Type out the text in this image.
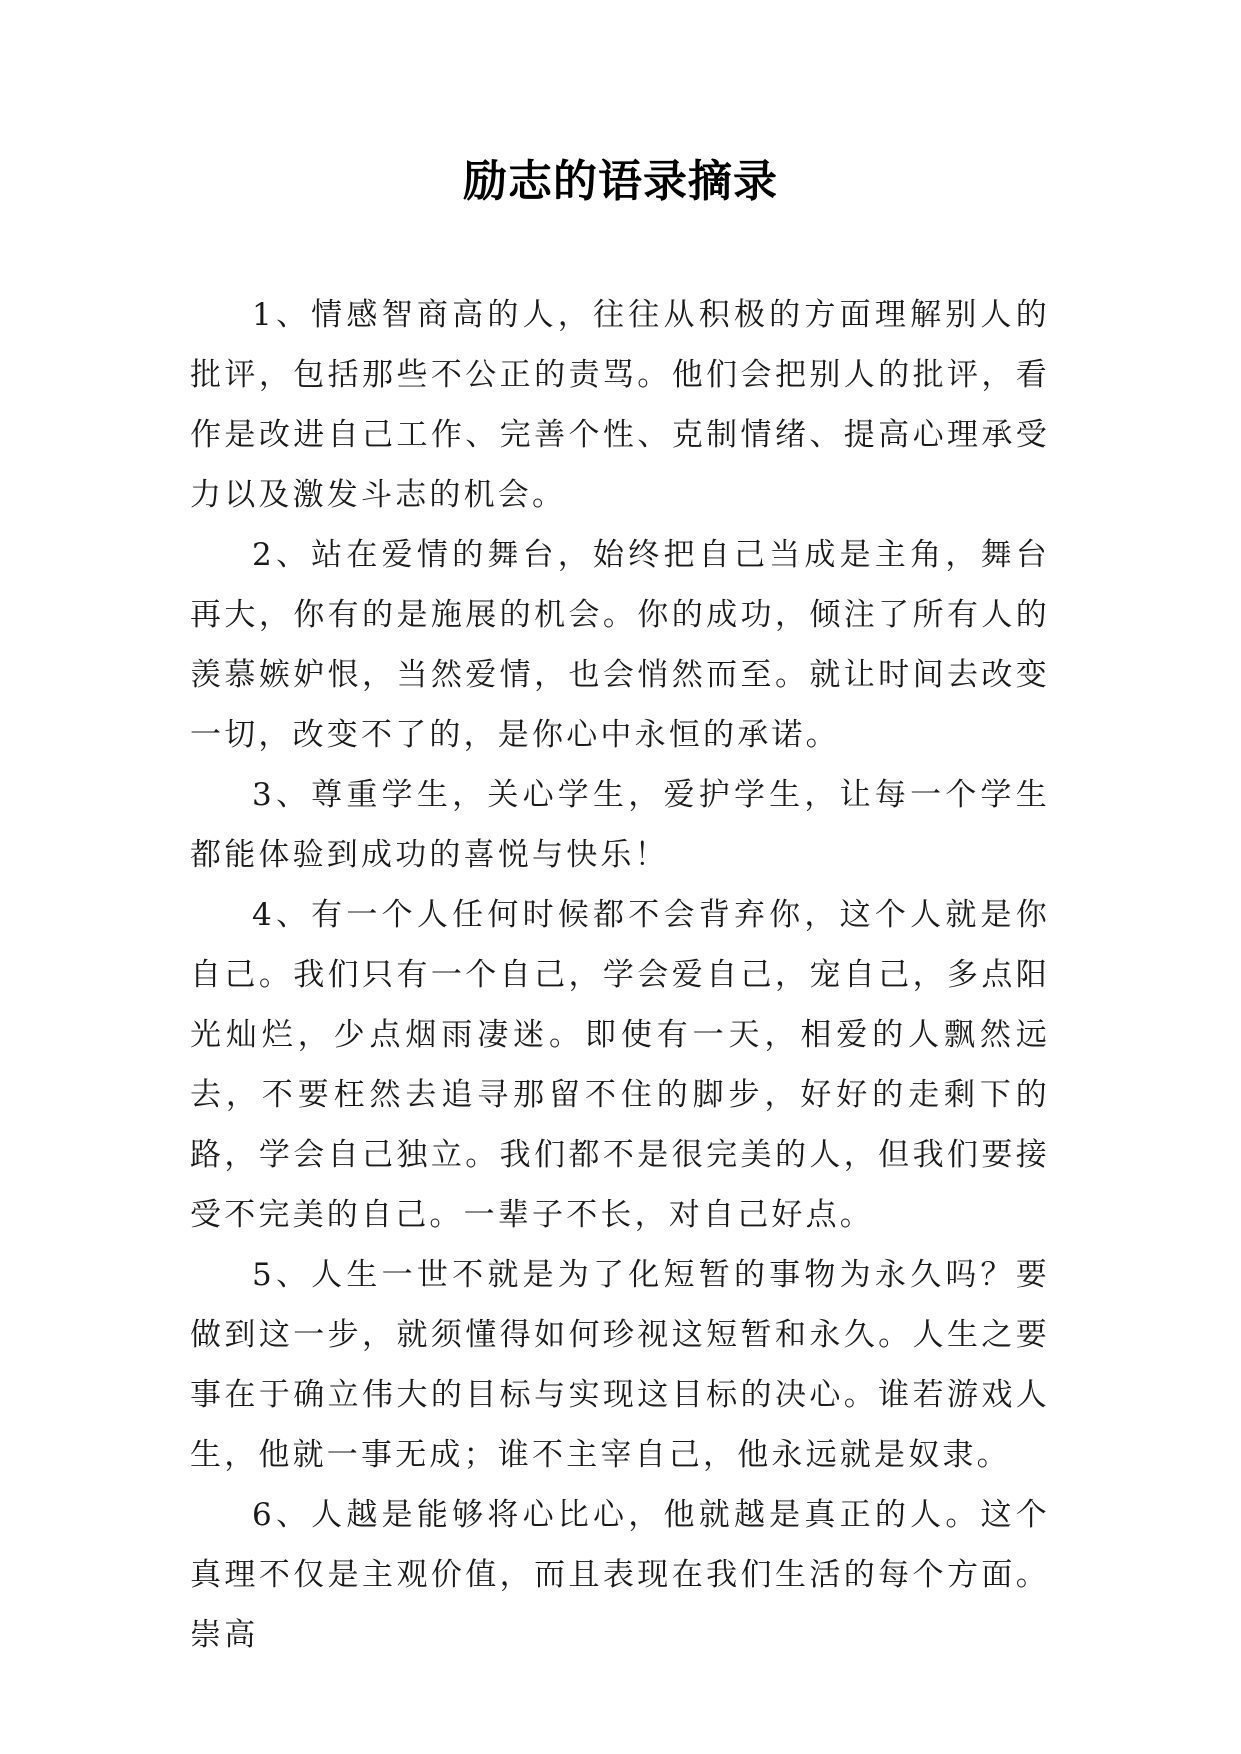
励志的语录摘录

1、情感智商高的人，往往从积极的方面理解别人的批评，包括那些不公正的责骂。他们会把别人的批评，看作是改进自己工作、完善个性、克制情绪、提高心理承受力以及激发斗志的机会。

2、站在爱情的舞台，始终把自己当成是主角，舞台再大，你有的是施展的机会。你的成功，倾注了所有人的羡慕嫉妒恨，当然爱情，也会悄然而至。就让时间去改变一切，改变不了的，是你心中永恒的承诺。

3、尊重学生，关心学生，爱护学生，让每一个学生都能体验到成功的喜悦与快乐！

4、有一个人任何时候都不会背弃你，这个人就是你自己。我们只有一个自己，学会爱自己，宠自己，多点阳光灿烂，少点烟雨凄迷。即使有一天，相爱的人飘然远去，不要枉然去追寻那留不住的脚步，好好的走剩下的路，学会自己独立。我们都不是很完美的人，但我们要接受不完美的自己。一辈子不长，对自己好点。

5、人生一世不就是为了化短暂的事物为永久吗？要做到这一步，就须懂得如何珍视这短暂和永久。人生之要事在于确立伟大的目标与实现这目标的决心。谁若游戏人生，他就一事无成；谁不主宰自己，他永远就是奴隶。

6、人越是能够将心比心，他就越是真正的人。这个真理不仅是主观价值，而且表现在我们生活的每个方面。崇高
